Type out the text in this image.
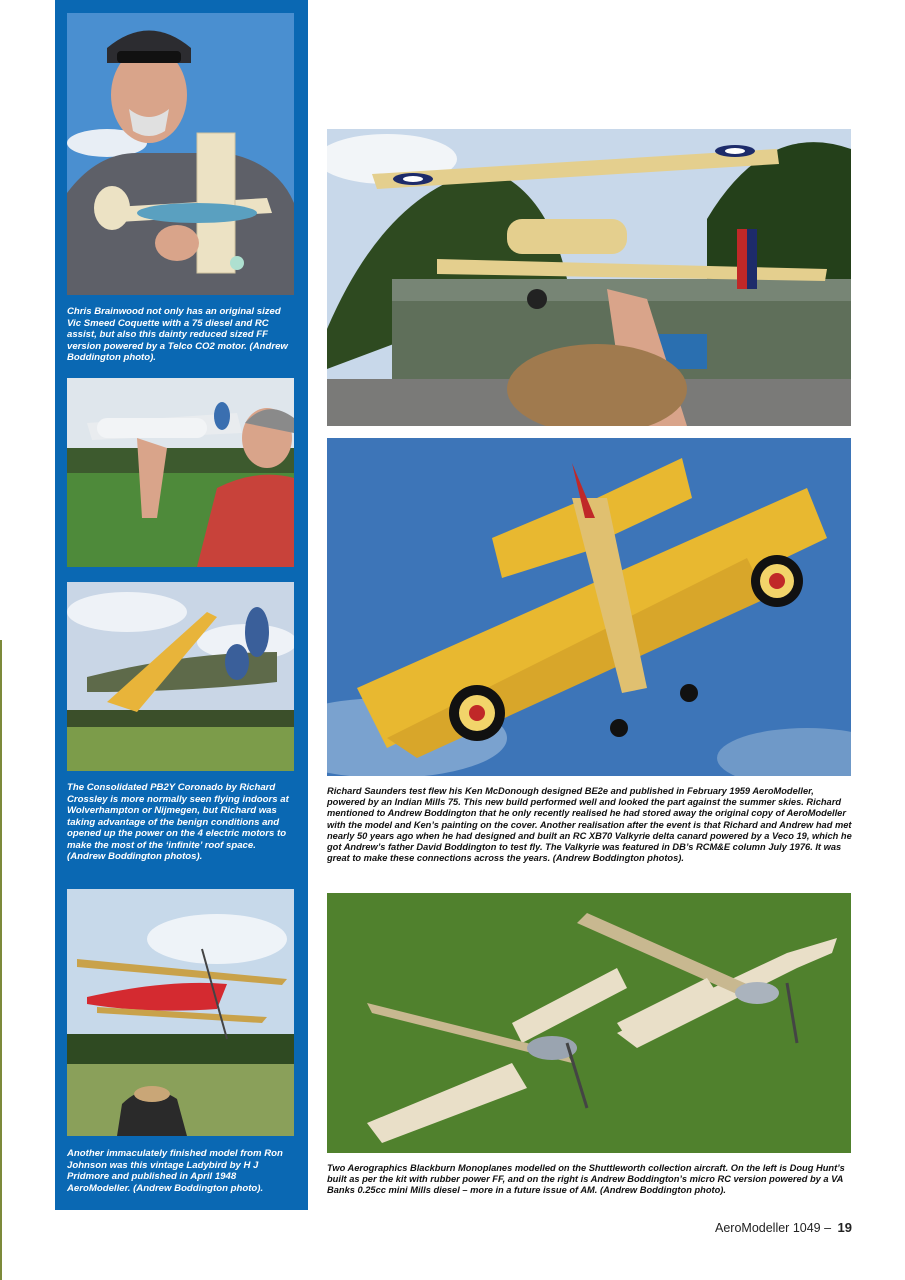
Chris Brainwood not only has an original sized Vic Smeed Coquette with a 75 diesel and RC assist, but also this dainty reduced sized FF version powered by a Telco CO2 motor. (Andrew Boddington photo).

The Consolidated PB2Y Coronado by Richard Crossley is more normally seen flying indoors at Wolverhampton or Nijmegen, but Richard was taking advantage of the benign conditions and opened up the power on the 4 electric motors to make the most of the ‘infinite’ roof space. (Andrew Boddington photos).

Another immaculately finished model from Ron Johnson was this vintage Ladybird by H J Pridmore and published in April 1948 AeroModeller. (Andrew Boddington photo).

Richard Saunders test flew his Ken McDonough designed BE2e and published in February 1959 AeroModeller, powered by an Indian Mills 75. This new build performed well and looked the part against the summer skies. Richard mentioned to Andrew Boddington that he only recently realised he had stored away the original copy of AeroModeller with the model and Ken’s painting on the cover. Another realisation after the event is that Richard and Andrew had met nearly 50 years ago when he had designed and built an RC XB70 Valkyrie delta canard powered by a Veco 19, which he got Andrew’s father David Boddington to test fly. The Valkyrie was featured in DB’s RCM&E column July 1976. It was great to make these connections across the years. (Andrew Boddington photos).

Two Aerographics Blackburn Monoplanes modelled on the Shuttleworth collection aircraft. On the left is Doug Hunt’s built as per the kit with rubber power FF, and on the right is Andrew Boddington’s micro RC version powered by a VA Banks 0.25cc mini Mills diesel – more in a future issue of AM. (Andrew Boddington photo).

AeroModeller 1049 – 19
